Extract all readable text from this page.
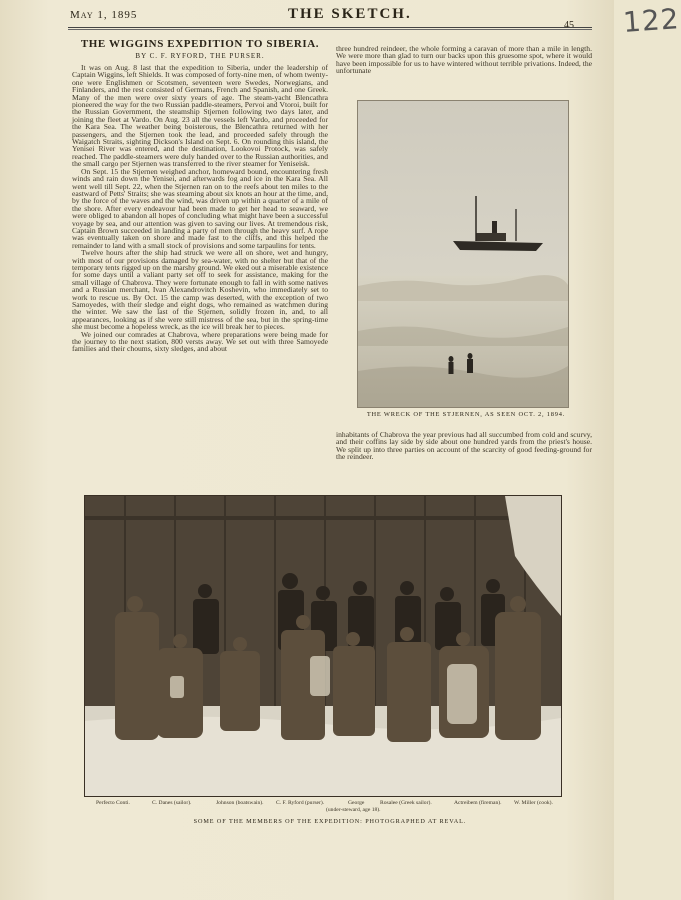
May 1, 1895	THE SKETCH.
45 122
THE WIGGINS EXPEDITION TO SIBERIA.
BY C. F. RYFORD, THE PURSER.

It was on Aug. 8 last that the expedition to Siberia, under the leadership of Captain Wiggins, left Shields. It was composed of forty-nine men, of whom twenty-one were Englishmen or Scotsmen, seventeen were Swedes, Norwegians, and Finlanders, and the rest consisted of Germans, French and Spanish, and one Greek. Many of the men were over sixty years of age. The steam-yacht Blencathra pioneered the way for the two Russian paddle-steamers, Pervoi and Vtoroi, built for the Russian Government, the steamship Stjernen following two days later, and joining the fleet at Vardo. On Aug. 23 all the vessels left Vardo, and proceeded for the Kara Sea. The weather being boisterous, the Blencathra returned with her passengers, and the Stjernen took the lead, and proceeded safely through the Waigatch Straits, sighting Dickson's Island on Sept. 6. On rounding this island, the Yenisei River was entered, and the destination, Lookovoi Protock, was safely reached. The paddle-steamers were duly handed over to the Russian authorities, and the small cargo per Stjernen was transferred to the river steamer for Yeniseisk.

On Sept. 15 the Stjernen weighed anchor, homeward bound, encountering fresh winds and rain down the Yenisei, and afterwards fog and ice in the Kara Sea. All went well till Sept. 22, when the Stjernen ran on to the reefs about ten miles to the eastward of Petts' Straits; she was steaming about six knots an hour at the time, and, by the force of the waves and the wind, was driven up within a quarter of a mile of the shore. After every endeavour had been made to get her head to seaward, we were obliged to abandon all hopes of concluding what might have been a successful voyage by sea, and our attention was given to saving our lives. At tremendous risk, Captain Brown succeeded in landing a party of men through the heavy surf. A rope was eventually taken on shore and made fast to the cliffs, and this helped the remainder to land with a small stock of provisions and some tarpaulins for tents.

Twelve hours after the ship had struck we were all on shore, wet and hungry, with most of our provisions damaged by sea-water, with no shelter but that of the temporary tents rigged up on the marshy ground. We eked out a miserable existence for some days until a valiant party set off to seek for assistance, making for the small village of Chabrova. They were fortunate enough to fall in with some natives and a Russian merchant, Ivan Alexandrovitch Koshevin, who immediately set to work to rescue us. By Oct. 15 the camp was deserted, with the exception of two Samoyedes, with their sledge and eight dogs, who remained as watchmen during the winter. We saw the last of the Stjernen, solidly frozen in, and, to all appearances, looking as if she were still mistress of the sea, but in the spring-time she must become a hopeless wreck, as the ice will break her to pieces.

We joined our comrades at Chabrova, where preparations were being made for the journey to the next station, 800 versts away. We set out with three Samoyede families and their choums, sixty sledges, and about

three hundred reindeer, the whole forming a caravan of more than a mile in length. We were more than glad to turn our backs upon this gruesome spot, where it would have been impossible for us to have wintered without terrible privations. Indeed, the unfortunate

THE WRECK OF THE STJERNEN, AS SEEN OCT. 2, 1894.

inhabitants of Chabrova the year previous had all succumbed from cold and scurvy, and their coffins lay side by side about one hundred yards from the priest's house. We split up into three parties on account of the scarcity of good feeding-ground for the reindeer.

Perfecto Conti.	C. Danes (sailor).	Johnson (boatswain). C. F. Ryford (purser).	George	Rosalee (Greek sailor).	Actreibem (fireman). W. Miller (cook).
(under-steward, age 18).
SOME OF THE MEMBERS OF THE EXPEDITION: PHOTOGRAPHED AT REVAL.
